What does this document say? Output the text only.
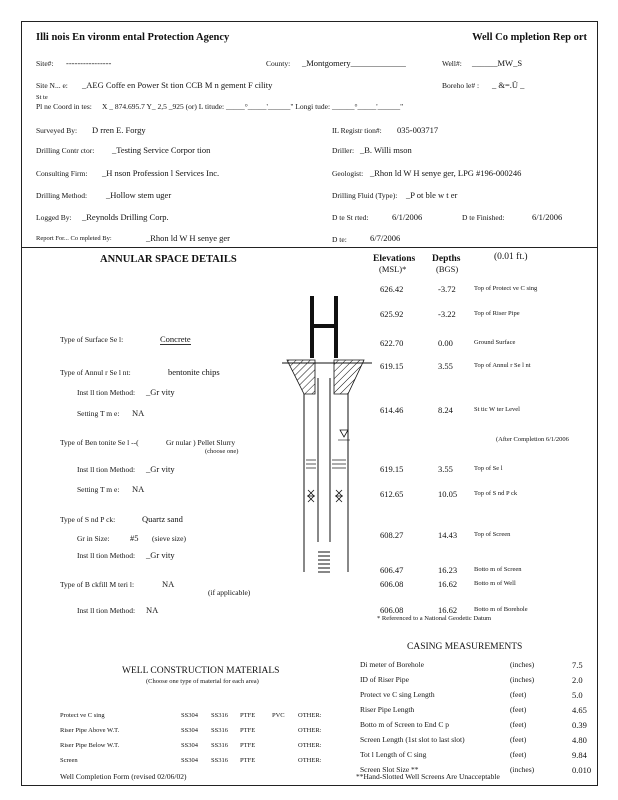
Illi nois En vironm ental Protection Agency	Well Co mpletion Rep ort
Site#: ----------------	County: _Montgomery_____________	Well#: ______MW_S
Site N... e: _AEG Coffe en Power St tion CCB M n gement F cility	Boreho le# : _ &=.Ü _
St te
Pl ne Coord in tes: X _ 874.695.7 Y_ 2,5 _925 (or) L titude: _____°_____'______" Longi tude: ______°_____'______"
Surveyed By: D rren E. Forgy	IL Registr tion#: 035-003717
Drilling Contr ctor: _Testing Service Corpor tion	Driller: _B. Willi mson
Consulting Firm: _H nson Profession l Services Inc.	Geologist: _Rhon ld W H senye ger, LPG #196-000246
Drilling Method: _Hollow stem uger	Drilling Fluid (Type): _P ot ble w t er
Logged By: _Reynolds Drilling Corp.	D te St rted:	6/1/2006	D te Finished:	6/1/2006
Report For... Co mpleted By:	_Rhon ld W H senye ger	D te:	6/7/2006
ANNULAR SPACE DETAILS	Elevations
(MSL)*
Depths
(BGS)
(0.01 ft.)
626.42	-3.72	Top of Protect ve C sing
625.92	-3.22	Top of Riser Pipe
622.70	0.00	Ground Surface
619.15	3.55	Top of Annul r Se l nt
614.46	8.24	St tic W ter Level
619.15	3.55	Top of Se l
612.65	10.05	Top of S nd P ck
608.27	14.43	Top of Screen
606.47	16.23	Botto m of Screen
606.08	16.62	Botto m of Well
606.08	16.62	Botto m of Borehole
(After Completion 6/1/2006
* Referenced to a National Geodetic Datum
Type of Surface Se l:	Concrete
Type of Annul r Se l nt:	bentonite chips
Inst ll tion Method: _Gr vity
Setting T m e: NA
Type of Ben tonite Se l --(	Gr nular ) Pellet Slurry
(choose one)
Inst ll tion Method: _Gr vity
Setting T m e: NA
Type of S nd P ck:	Quartz sand
Gr in Size: #5 (sieve size)
Inst ll tion Method: _Gr vity
Type of B ckfill M teri l:	NA
(if applicable)
Inst ll tion Method: NA
WELL CONSTRUCTION MATERIALS
(Choose one type of material for each area)
Protect ve C sing	SS304 SS316 PTFE	PVC OTHER:
Riser Pipe Above W.T.	SS304 SS316 PTFE	OTHER:
Riser Pipe Below W.T.	SS304 SS316 PTFE	OTHER:
Screen	SS304 SS316 PTFE	OTHER:
Well Completion Form (revised 02/06/02)
CASING MEASUREMENTS
Di meter of Borehole	(inches)	7.5
ID of Riser Pipe	(inches)	2.0
Protect ve C sing Length	(feet)	5.0
Riser Pipe Length	(feet)	4.65
Botto m of Screen to End C p	(feet)	0.39
Screen Length (1st slot to last slot)	(feet)	4.80
Tot l Length of C sing	(feet)	9.84
Screen Slot Size **	(inches)	0.010
**Hand-Slotted Well Screens Are Unacceptable
